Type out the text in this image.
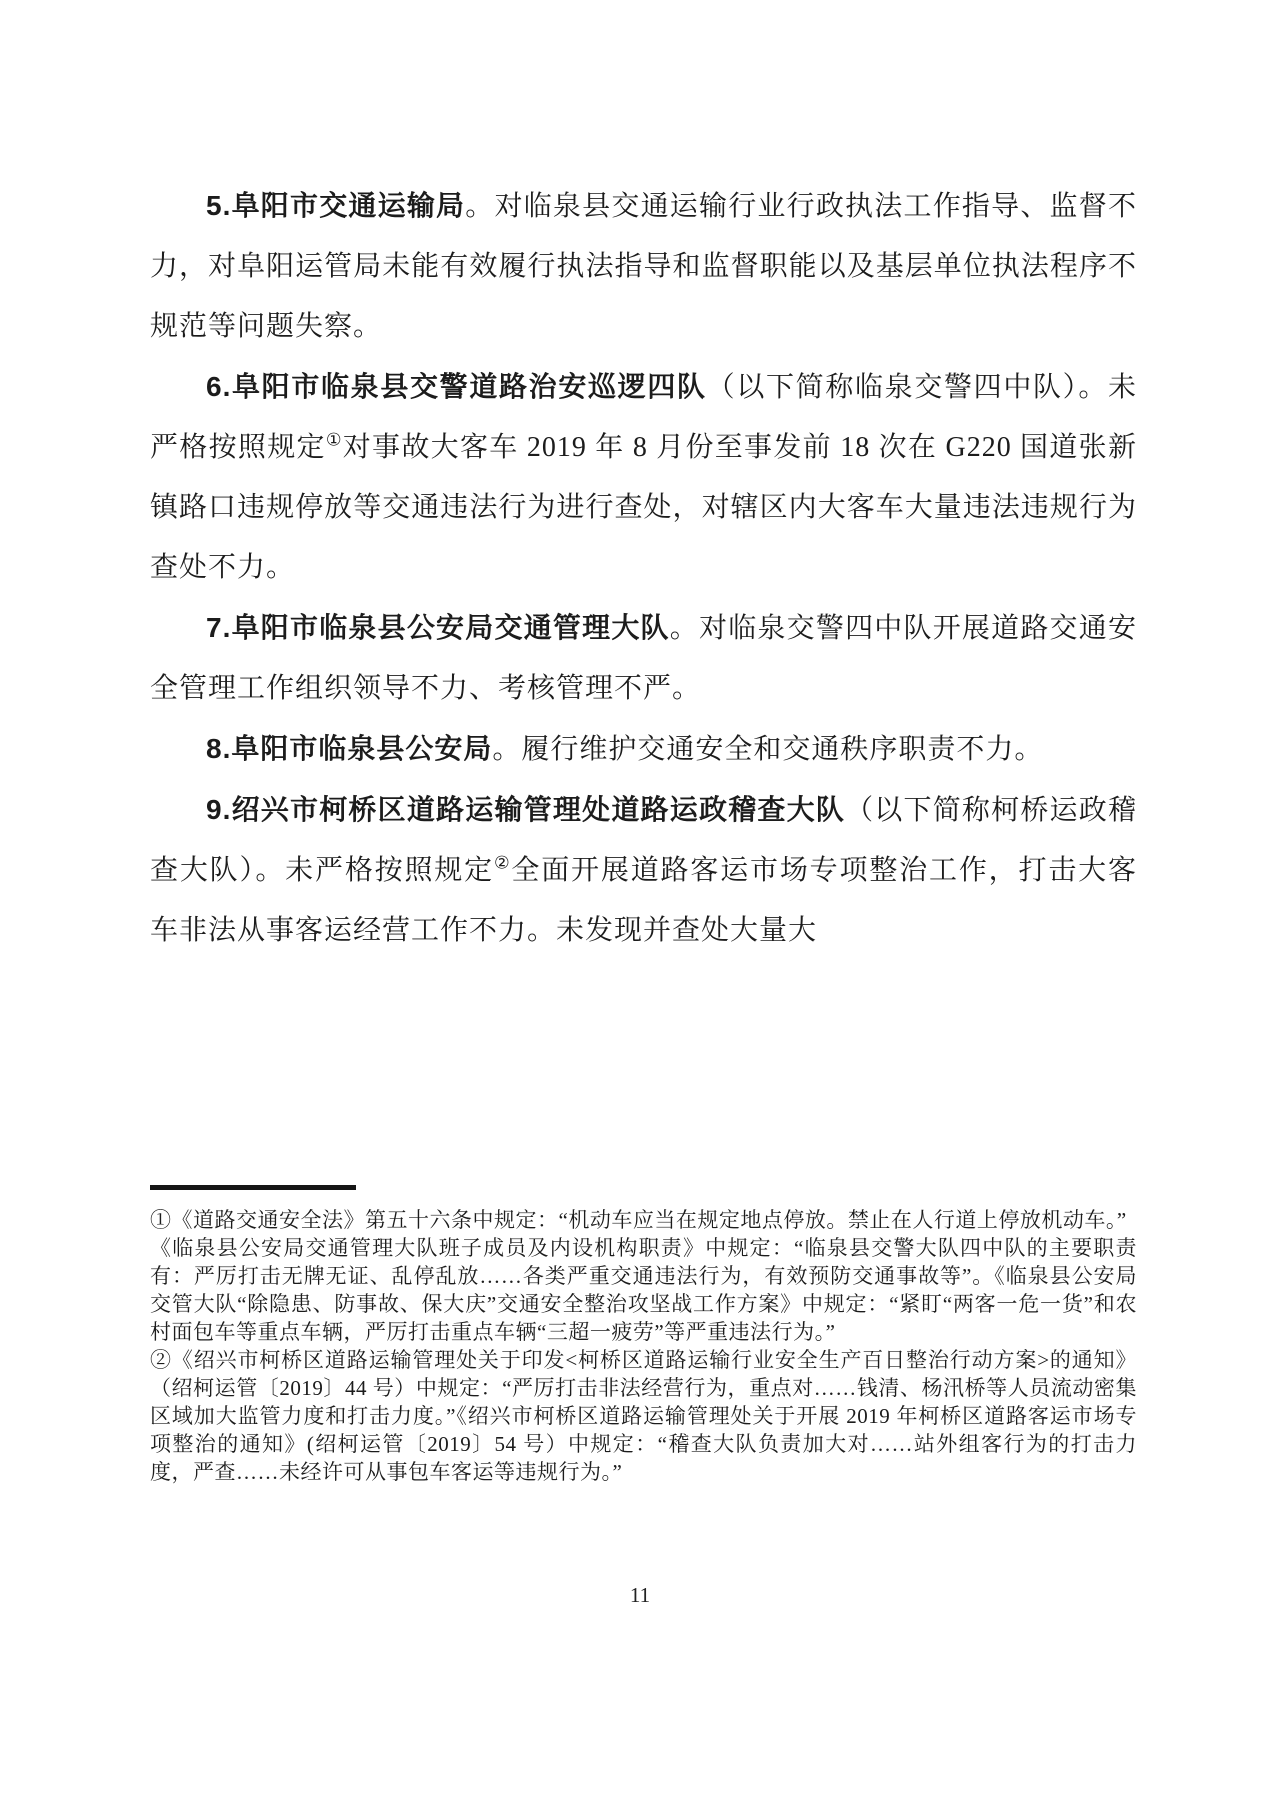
5.阜阳市交通运输局。对临泉县交通运输行业行政执法工作指导、监督不力，对阜阳运管局未能有效履行执法指导和监督职能以及基层单位执法程序不规范等问题失察。

6.阜阳市临泉县交警道路治安巡逻四队（以下简称临泉交警四中队）。未严格按照规定①对事故大客车 2019 年 8 月份至事发前 18 次在 G220 国道张新镇路口违规停放等交通违法行为进行查处，对辖区内大客车大量违法违规行为查处不力。

7.阜阳市临泉县公安局交通管理大队。对临泉交警四中队开展道路交通安全管理工作组织领导不力、考核管理不严。

8.阜阳市临泉县公安局。履行维护交通安全和交通秩序职责不力。

9.绍兴市柯桥区道路运输管理处道路运政稽查大队（以下简称柯桥运政稽查大队）。未严格按照规定②全面开展道路客运市场专项整治工作，打击大客车非法从事客运经营工作不力。未发现并查处大量大

①《道路交通安全法》第五十六条中规定：“机动车应当在规定地点停放。禁止在人行道上停放机动车。”

《临泉县公安局交通管理大队班子成员及内设机构职责》中规定：“临泉县交警大队四中队的主要职责有：严厉打击无牌无证、乱停乱放……各类严重交通违法行为，有效预防交通事故等”。《临泉县公安局交管大队“除隐患、防事故、保大庆”交通安全整治攻坚战工作方案》中规定：“紧盯“两客一危一货”和农村面包车等重点车辆，严厉打击重点车辆“三超一疲劳”等严重违法行为。”

②《绍兴市柯桥区道路运输管理处关于印发<柯桥区道路运输行业安全生产百日整治行动方案>的通知》（绍柯运管〔2019〕44 号）中规定：“严厉打击非法经营行为，重点对……钱清、杨汛桥等人员流动密集区域加大监管力度和打击力度。”《绍兴市柯桥区道路运输管理处关于开展 2019 年柯桥区道路客运市场专项整治的通知》(绍柯运管〔2019〕54 号）中规定：“稽查大队负责加大对……站外组客行为的打击力度，严查……未经许可从事包车客运等违规行为。”

11
